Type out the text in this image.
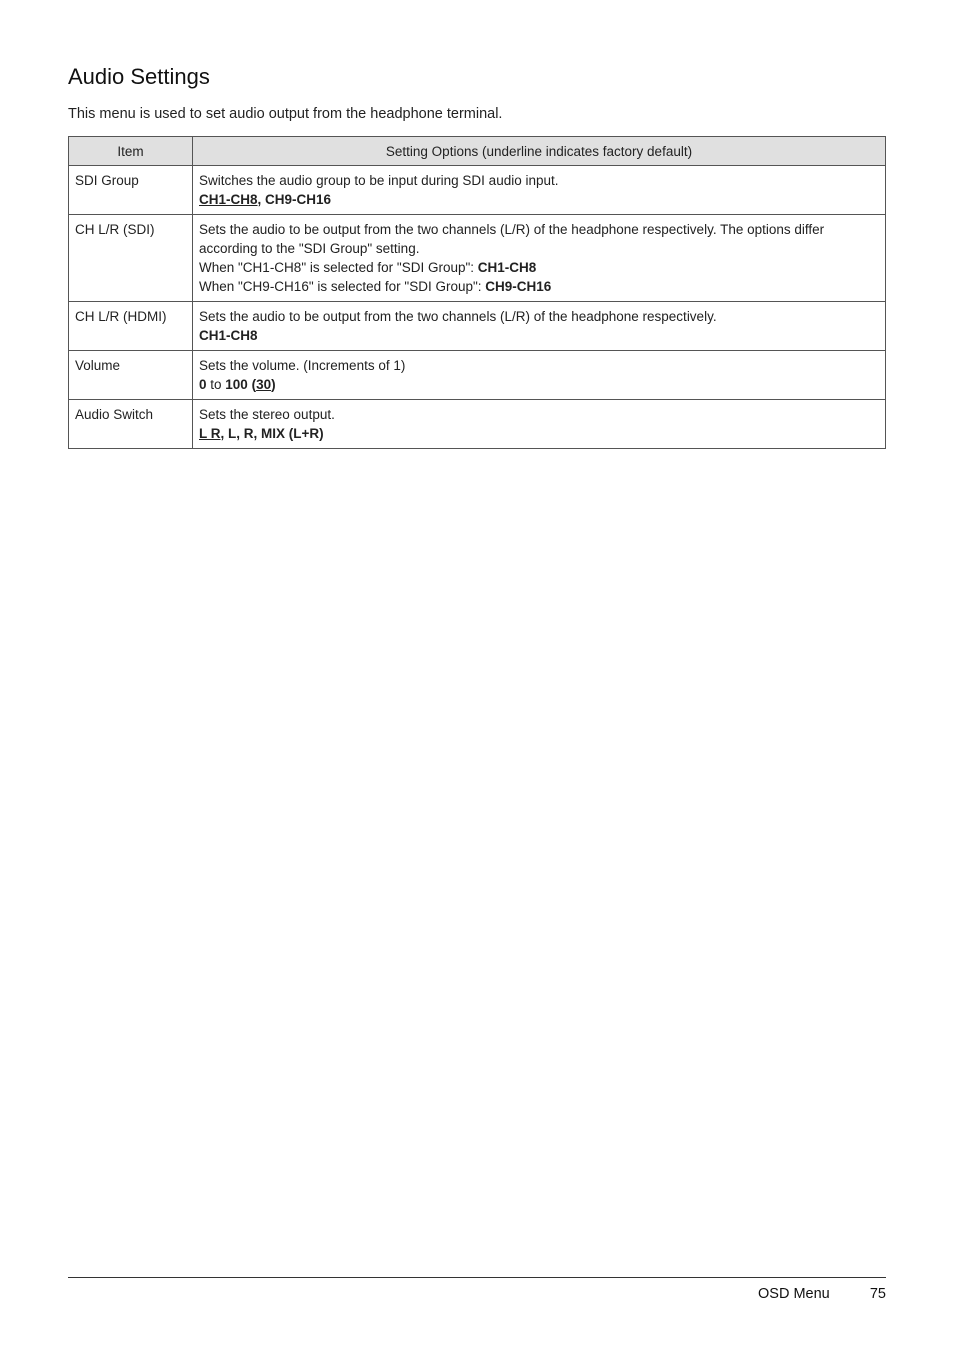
Audio Settings

This menu is used to set audio output from the headphone terminal.

Item	Setting Options (underline indicates factory default)
SDI Group	Switches the audio group to be input during SDI audio input.
CH1-CH8, CH9-CH16

CH L/R (SDI)	Sets the audio to be output from the two channels (L/R) of the headphone respectively. The options differ
according to the "SDI Group" setting.
When "CH1-CH8" is selected for "SDI Group": CH1-CH8
When "CH9-CH16" is selected for "SDI Group": CH9-CH16

CH L/R (HDMI)	Sets the audio to be output from the two channels (L/R) of the headphone respectively.
CH1-CH8

Volume	Sets the volume. (Increments of 1)
0 to 100 (30)

Audio Switch	Sets the stereo output.
L R, L, R, MIX (L+R)
OSD Menu	75
